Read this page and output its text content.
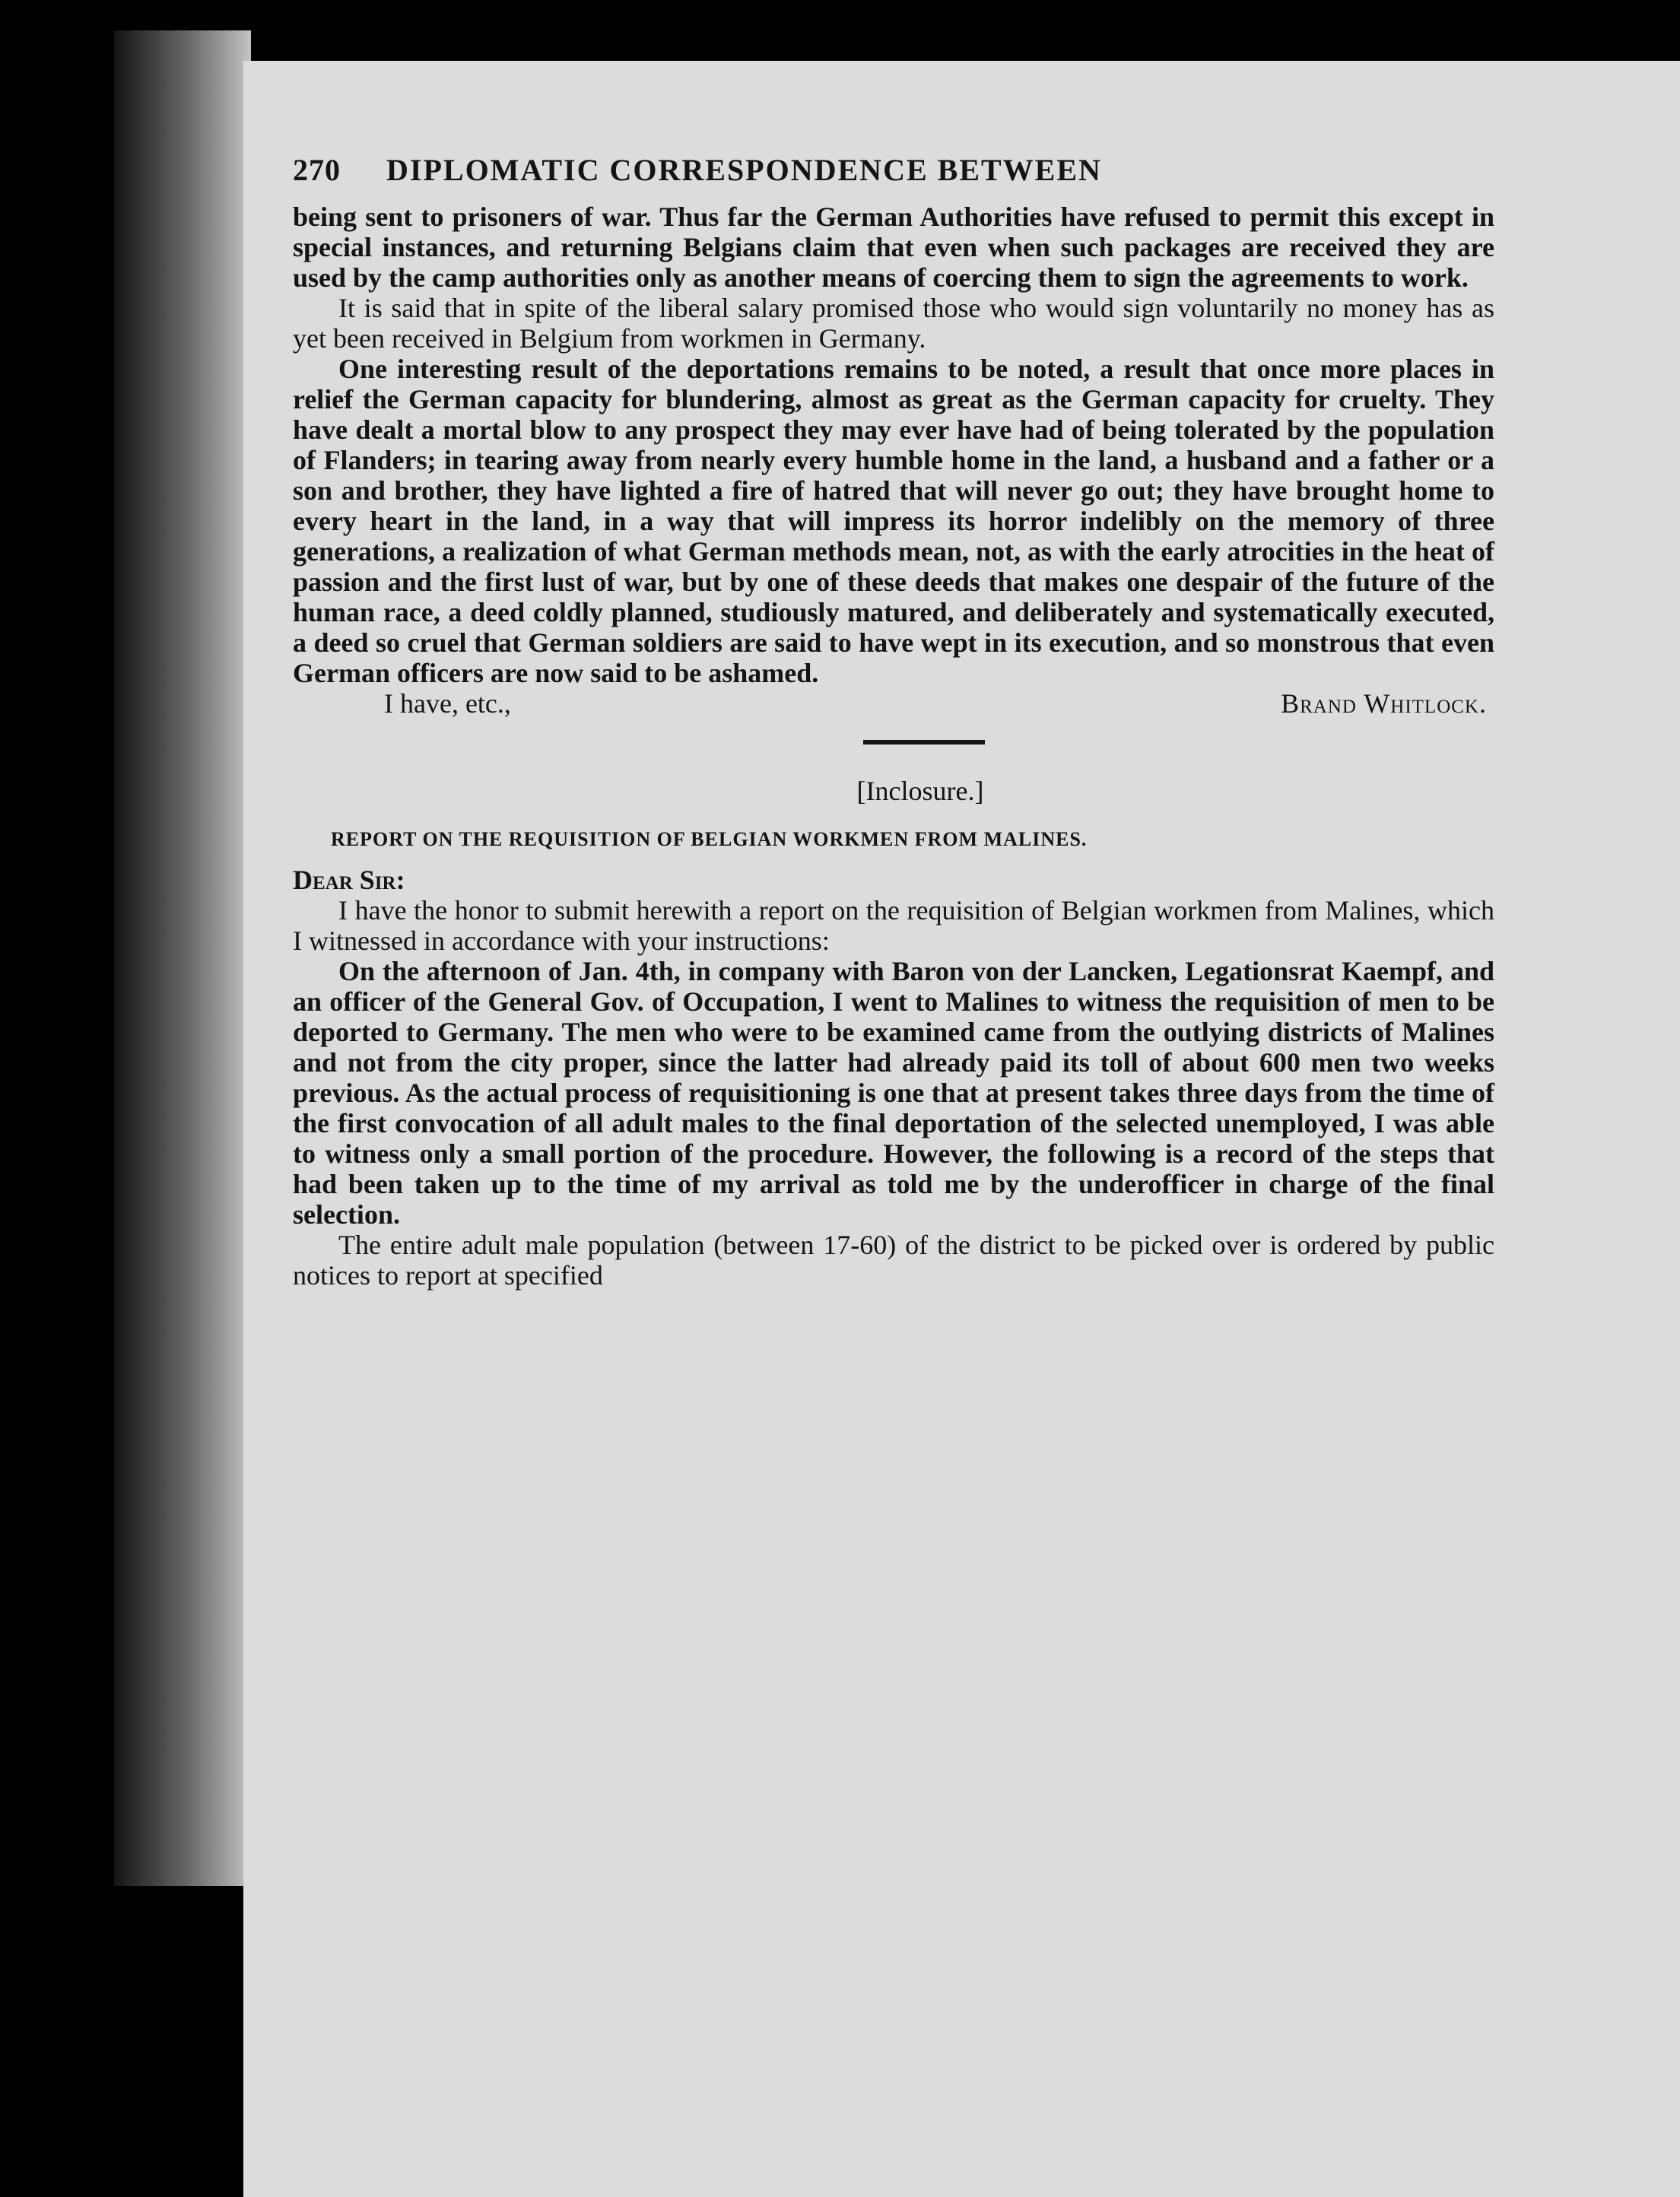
270 DIPLOMATIC CORRESPONDENCE BETWEEN

being sent to prisoners of war. Thus far the German Authorities have refused to permit this except in special instances, and returning Belgians claim that even when such packages are received they are used by the camp authorities only as another means of coercing them to sign the agreements to work.

It is said that in spite of the liberal salary promised those who would sign voluntarily no money has as yet been received in Belgium from workmen in Germany.

One interesting result of the deportations remains to be noted, a result that once more places in relief the German capacity for blundering, almost as great as the German capacity for cruelty. They have dealt a mortal blow to any prospect they may ever have had of being tolerated by the population of Flanders; in tearing away from nearly every humble home in the land, a husband and a father or a son and brother, they have lighted a fire of hatred that will never go out; they have brought home to every heart in the land, in a way that will impress its horror indelibly on the memory of three generations, a realization of what German methods mean, not, as with the early atrocities in the heat of passion and the first lust of war, but by one of these deeds that makes one despair of the future of the human race, a deed coldly planned, studiously matured, and deliberately and systematically executed, a deed so cruel that German soldiers are said to have wept in its execution, and so monstrous that even German officers are now said to be ashamed.

I have, etc.,	Brand Whitlock.
[Inclosure.]
REPORT ON THE REQUISITION OF BELGIAN WORKMEN FROM MALINES.

Dear Sir:

I have the honor to submit herewith a report on the requisition of Belgian workmen from Malines, which I witnessed in accordance with your instructions:

On the afternoon of Jan. 4th, in company with Baron von der Lancken, Legationsrat Kaempf, and an officer of the General Gov. of Occupation, I went to Malines to witness the requisition of men to be deported to Germany. The men who were to be examined came from the outlying districts of Malines and not from the city proper, since the latter had already paid its toll of about 600 men two weeks previous. As the actual process of requisitioning is one that at present takes three days from the time of the first convocation of all adult males to the final deportation of the selected unemployed, I was able to witness only a small portion of the procedure. However, the following is a record of the steps that had been taken up to the time of my arrival as told me by the underofficer in charge of the final selection.

The entire adult male population (between 17-60) of the district to be picked over is ordered by public notices to report at specified
